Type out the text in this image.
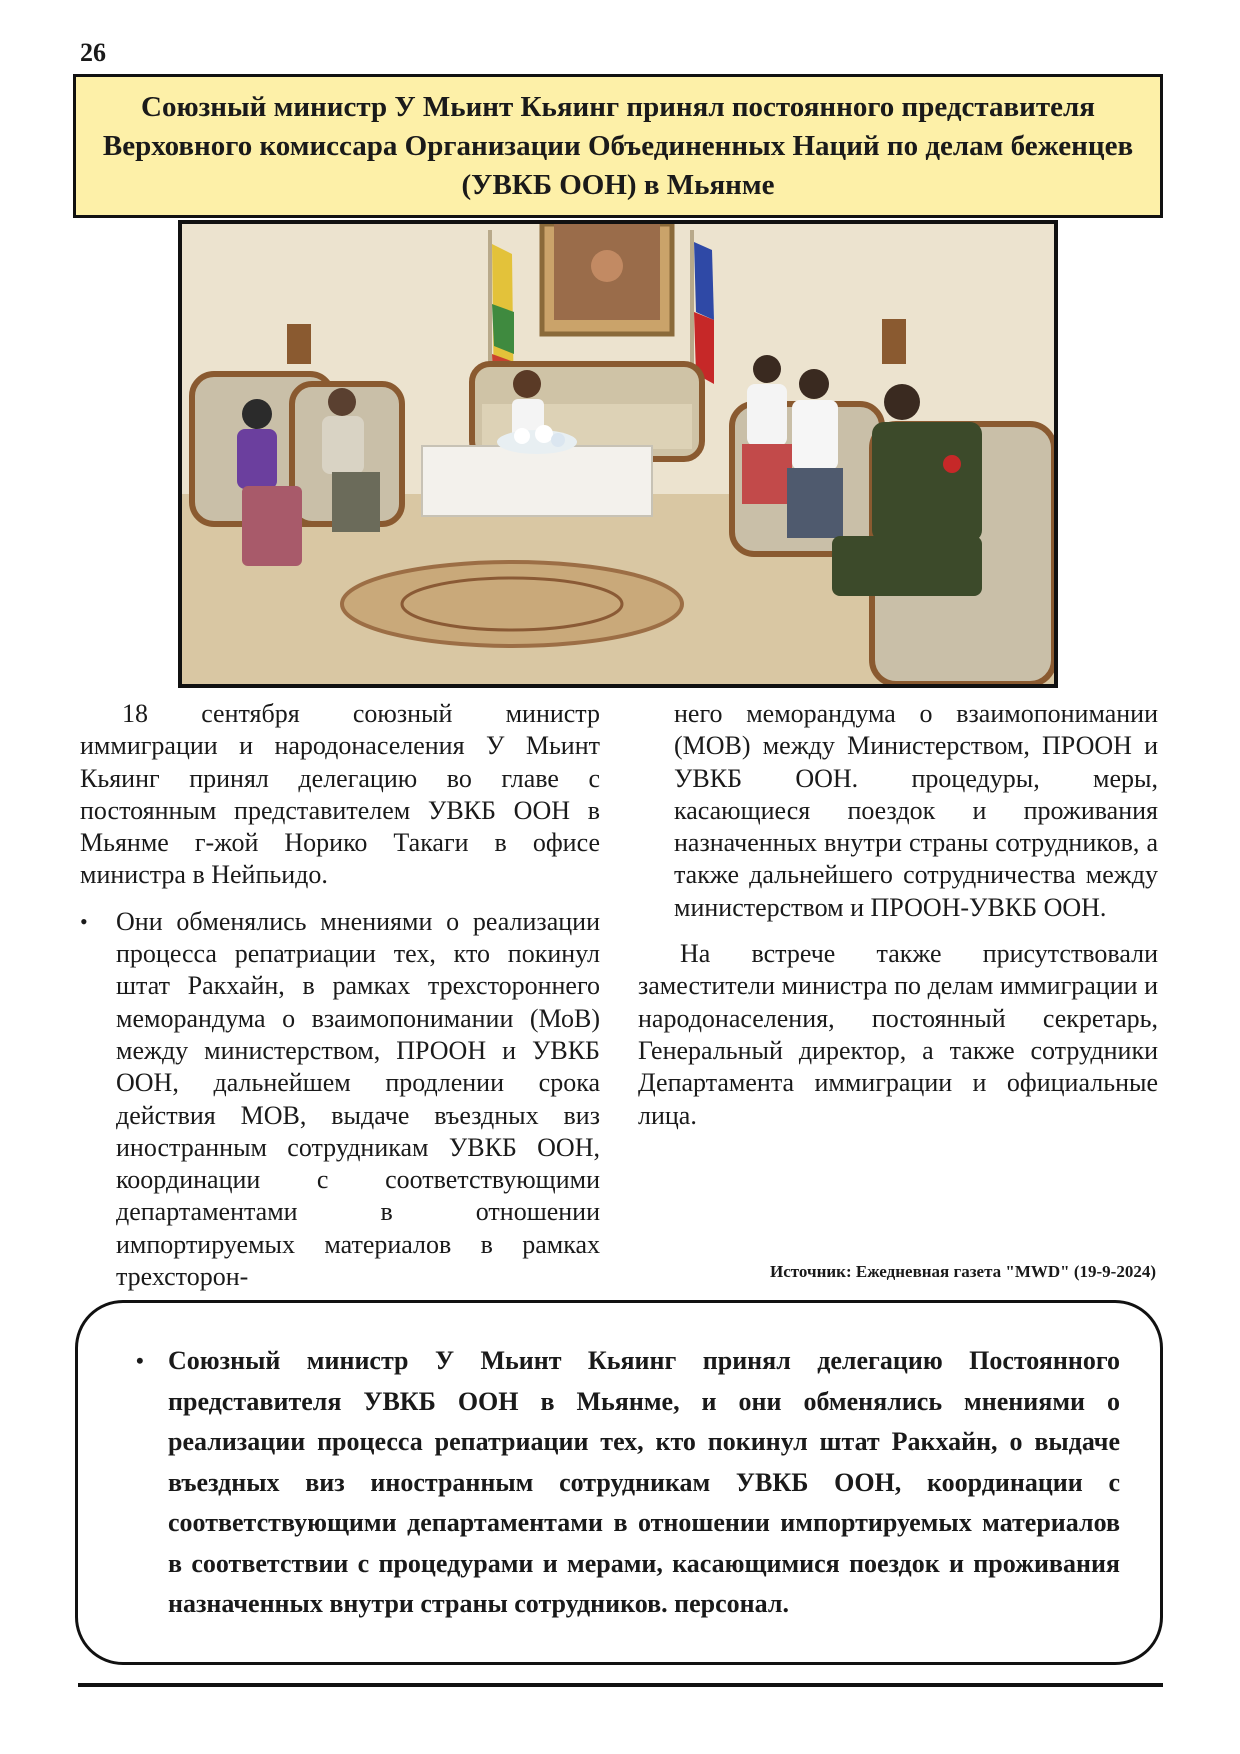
26
Союзный министр У Мьинт Кьяинг принял постоянного представителя Верховного комиссара Организации Объединенных Наций по делам беженцев (УВКБ ООН) в Мьянме

18 сентября союзный министр иммиграции и народонаселения У Мьинт Кьяинг принял делегацию во главе с постоянным представителем УВКБ ООН в Мьянме г-жой Норико Такаги в офисе министра в Нейпьидо.

• Они обменялись мнениями о реализации процесса репатриации тех, кто покинул штат Ракхайн, в рамках трехстороннего меморандума о взаимопонимании (МоВ) между министерством, ПРООН и УВКБ ООН, дальнейшем продлении срока действия МОВ, выдаче въездных виз иностранным сотрудникам УВКБ ООН, координации с соответствующими департаментами в отношении импортируемых материалов в рамках трехсторон-

него меморандума о взаимопонимании (МОВ) между Министерством, ПРООН и УВКБ ООН. процедуры, меры, касающиеся поездок и проживания назначенных внутри страны сотрудников, а также дальнейшего сотрудничества между министерством и ПРООН-УВКБ ООН.

На встрече также присутствовали заместители министра по делам иммиграции и народонаселения, постоянный секретарь, Генеральный директор, а также сотрудники Департамента иммиграции и официальные лица.

Источник: Ежедневная газета "MWD" (19-9-2024)

• Союзный министр У Мьинт Кьяинг принял делегацию Постоянного представителя УВКБ ООН в Мьянме, и они обменялись мнениями о реализации процесса репатриации тех, кто покинул штат Ракхайн, о выдаче въездных виз иностранным сотрудникам УВКБ ООН, координации с соответствующими департаментами в отношении импортируемых материалов в соответствии с процедурами и мерами, касающимися поездок и проживания назначенных внутри страны сотрудников. персонал.
